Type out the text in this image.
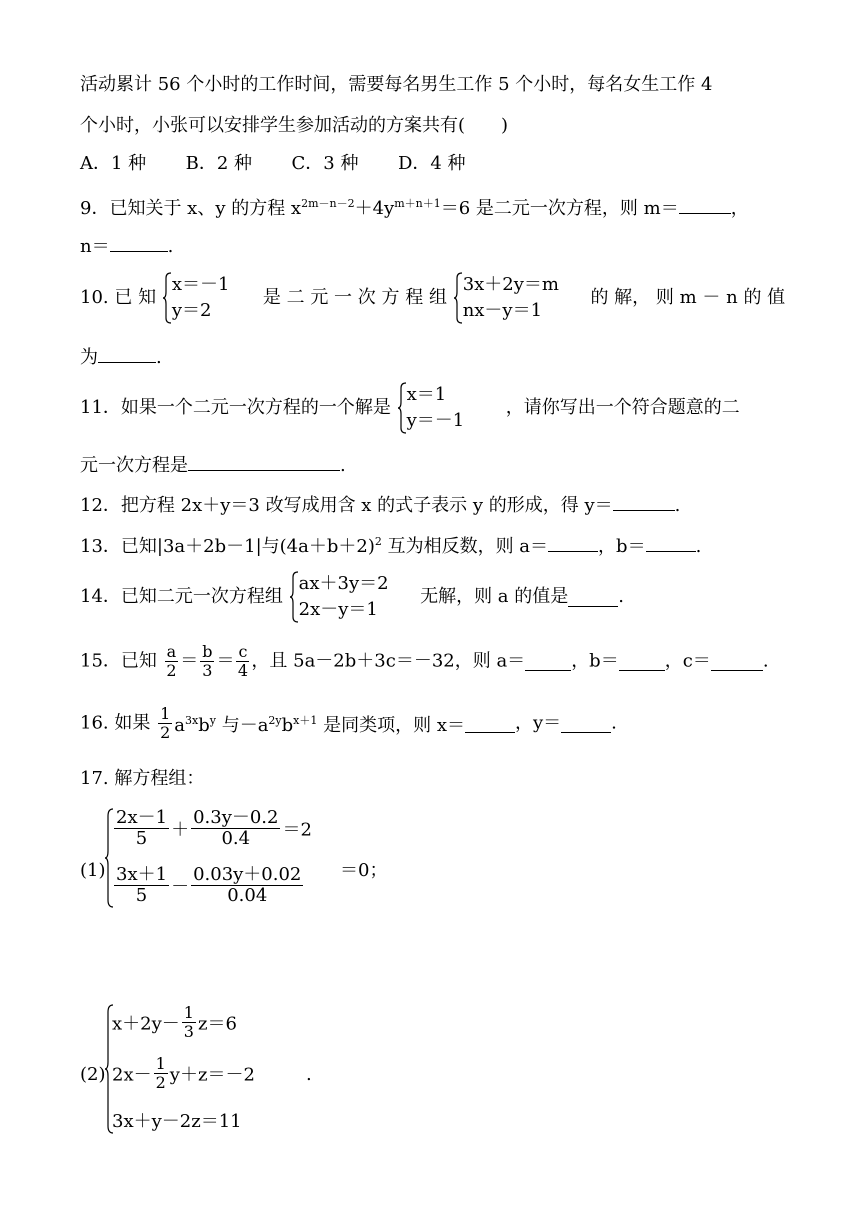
活动累计 56 个小时的工作时间，需要每名男生工作 5 个小时，每名女生工作 4
个小时，小张可以安排学生参加活动的方案共有(　　)
A．1 种 B．2 种 C．3 种 D．4 种
9．已知关于 x、y 的方程 $x^{2m-n-2}+4y^{m+n+1}=6$ 是二元一次方程，则 m＝	，
n＝	.
10. 已 知
x＝－1
y＝2
是 二 元 一 次 方 程 组
3x＋2y＝m
nx－y＝1
的 解， 则 m － n 的 值
为	.
11．如果一个二元一次方程的一个解是
x＝1
y＝－1
，请你写出一个符合题意的二
元一次方程是	.
12．把方程 2x＋y＝3 改写成用含 x 的式子表示 y 的形成，得 y＝	.
13．已知|3a＋2b－1|与$(4a+b+2)^2$ 互为相反数，则 a＝	，b＝	.
14．已知二元一次方程组
ax＋3y＝2
2x－y＝1
无解，则 a 的值是	.
15．已知 $\frac{a}{2} = \frac{b}{3} = \frac{c}{4}$ ，且 5a－2b＋3c＝－32，则 a＝	，b＝	，c＝	.
16. 如果 $\frac{1}{2} a^{3x}b^y$ 与$-a^{2y}b^{x+1}$ 是同类项，则 x＝	，y＝	.
17. 解方程组：
(1)
$\frac{2x-1}{5} + \frac{0.3y-0.2}{0.4} =2$
$\frac{3x+1}{5} - \frac{0.03y+0.02}{0.04} =0$；
(2)
$x+2y- \frac{1}{3} z=6$
$2x- \frac{1}{2} y+z=-2$
3x＋y－2z＝11
.
